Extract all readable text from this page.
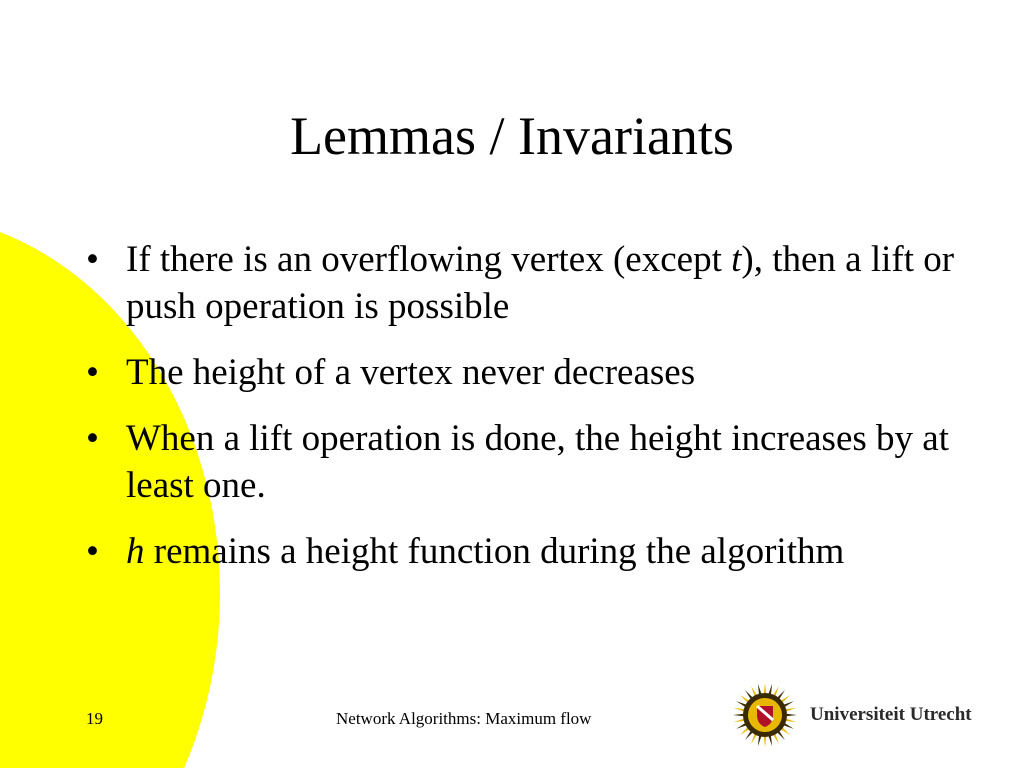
Lemmas / Invariants
• If there is an overflowing vertex (except t), then a lift or push operation is possible
• The height of a vertex never decreases
• When a lift operation is done, the height increases by at least one.
• h remains a height function during the algorithm
19	Network Algorithms: Maximum flow	Universiteit Utrecht
